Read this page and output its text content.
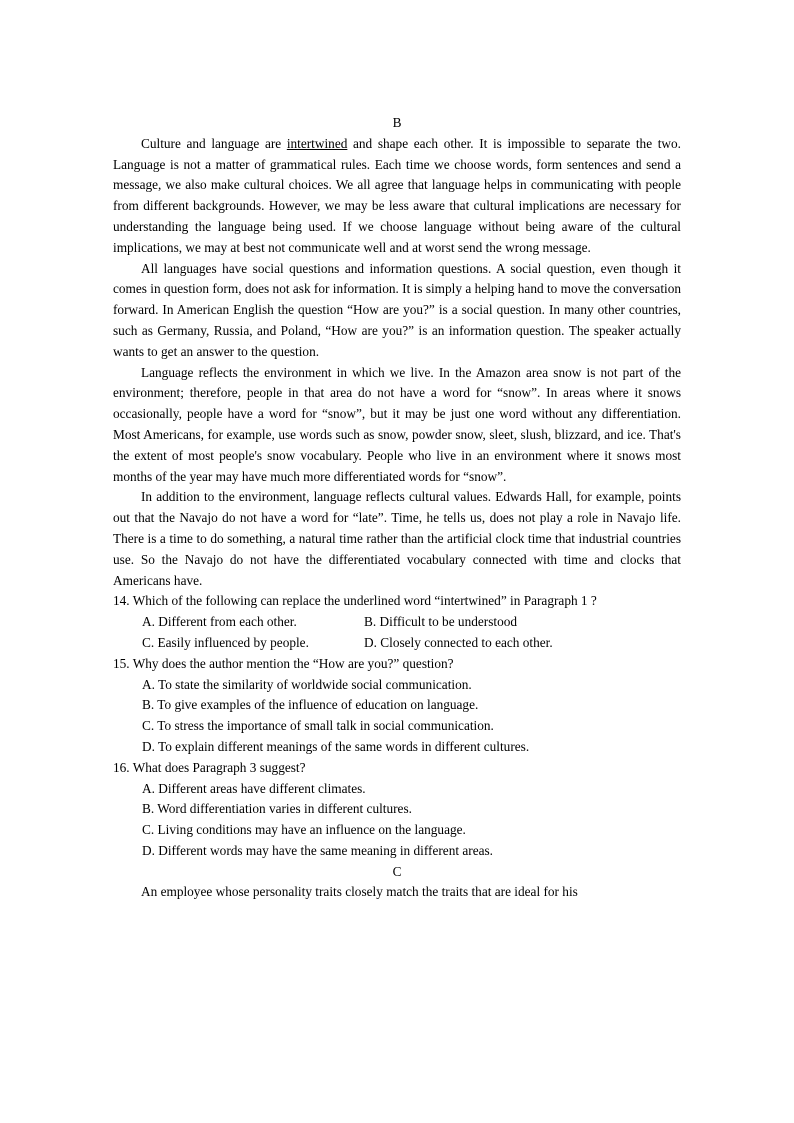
B

Culture and language are intertwined and shape each other. It is impossible to separate the two. Language is not a matter of grammatical rules. Each time we choose words, form sentences and send a message, we also make cultural choices. We all agree that language helps in communicating with people from different backgrounds. However, we may be less aware that cultural implications are necessary for understanding the language being used. If we choose language without being aware of the cultural implications, we may at best not communicate well and at worst send the wrong message.

All languages have social questions and information questions. A social question, even though it comes in question form, does not ask for information. It is simply a helping hand to move the conversation forward. In American English the question “How are you?” is a social question. In many other countries, such as Germany, Russia, and Poland, “How are you?” is an information question. The speaker actually wants to get an answer to the question.

Language reflects the environment in which we live. In the Amazon area snow is not part of the environment; therefore, people in that area do not have a word for “snow”. In areas where it snows occasionally, people have a word for “snow”, but it may be just one word without any differentiation. Most Americans, for example, use words such as snow, powder snow, sleet, slush, blizzard, and ice. That's the extent of most people's snow vocabulary. People who live in an environment where it snows most months of the year may have much more differentiated words for “snow”.

In addition to the environment, language reflects cultural values. Edwards Hall, for example, points out that the Navajo do not have a word for “late”. Time, he tells us, does not play a role in Navajo life. There is a time to do something, a natural time rather than the artificial clock time that industrial countries use. So the Navajo do not have the differentiated vocabulary connected with time and clocks that Americans have.

14. Which of the following can replace the underlined word “intertwined” in Paragraph 1 ?

A. Different from each other.	B. Difficult to be understood
C. Easily influenced by people.	D. Closely connected to each other.

15. Why does the author mention the “How are you?” question?

A. To state the similarity of worldwide social communication.

B. To give examples of the influence of education on language.

C. To stress the importance of small talk in social communication.

D. To explain different meanings of the same words in different cultures.

16. What does Paragraph 3 suggest?

A. Different areas have different climates.

B. Word differentiation varies in different cultures.

C. Living conditions may have an influence on the language.

D. Different words may have the same meaning in different areas.

C

An employee whose personality traits closely match the traits that are ideal for his
